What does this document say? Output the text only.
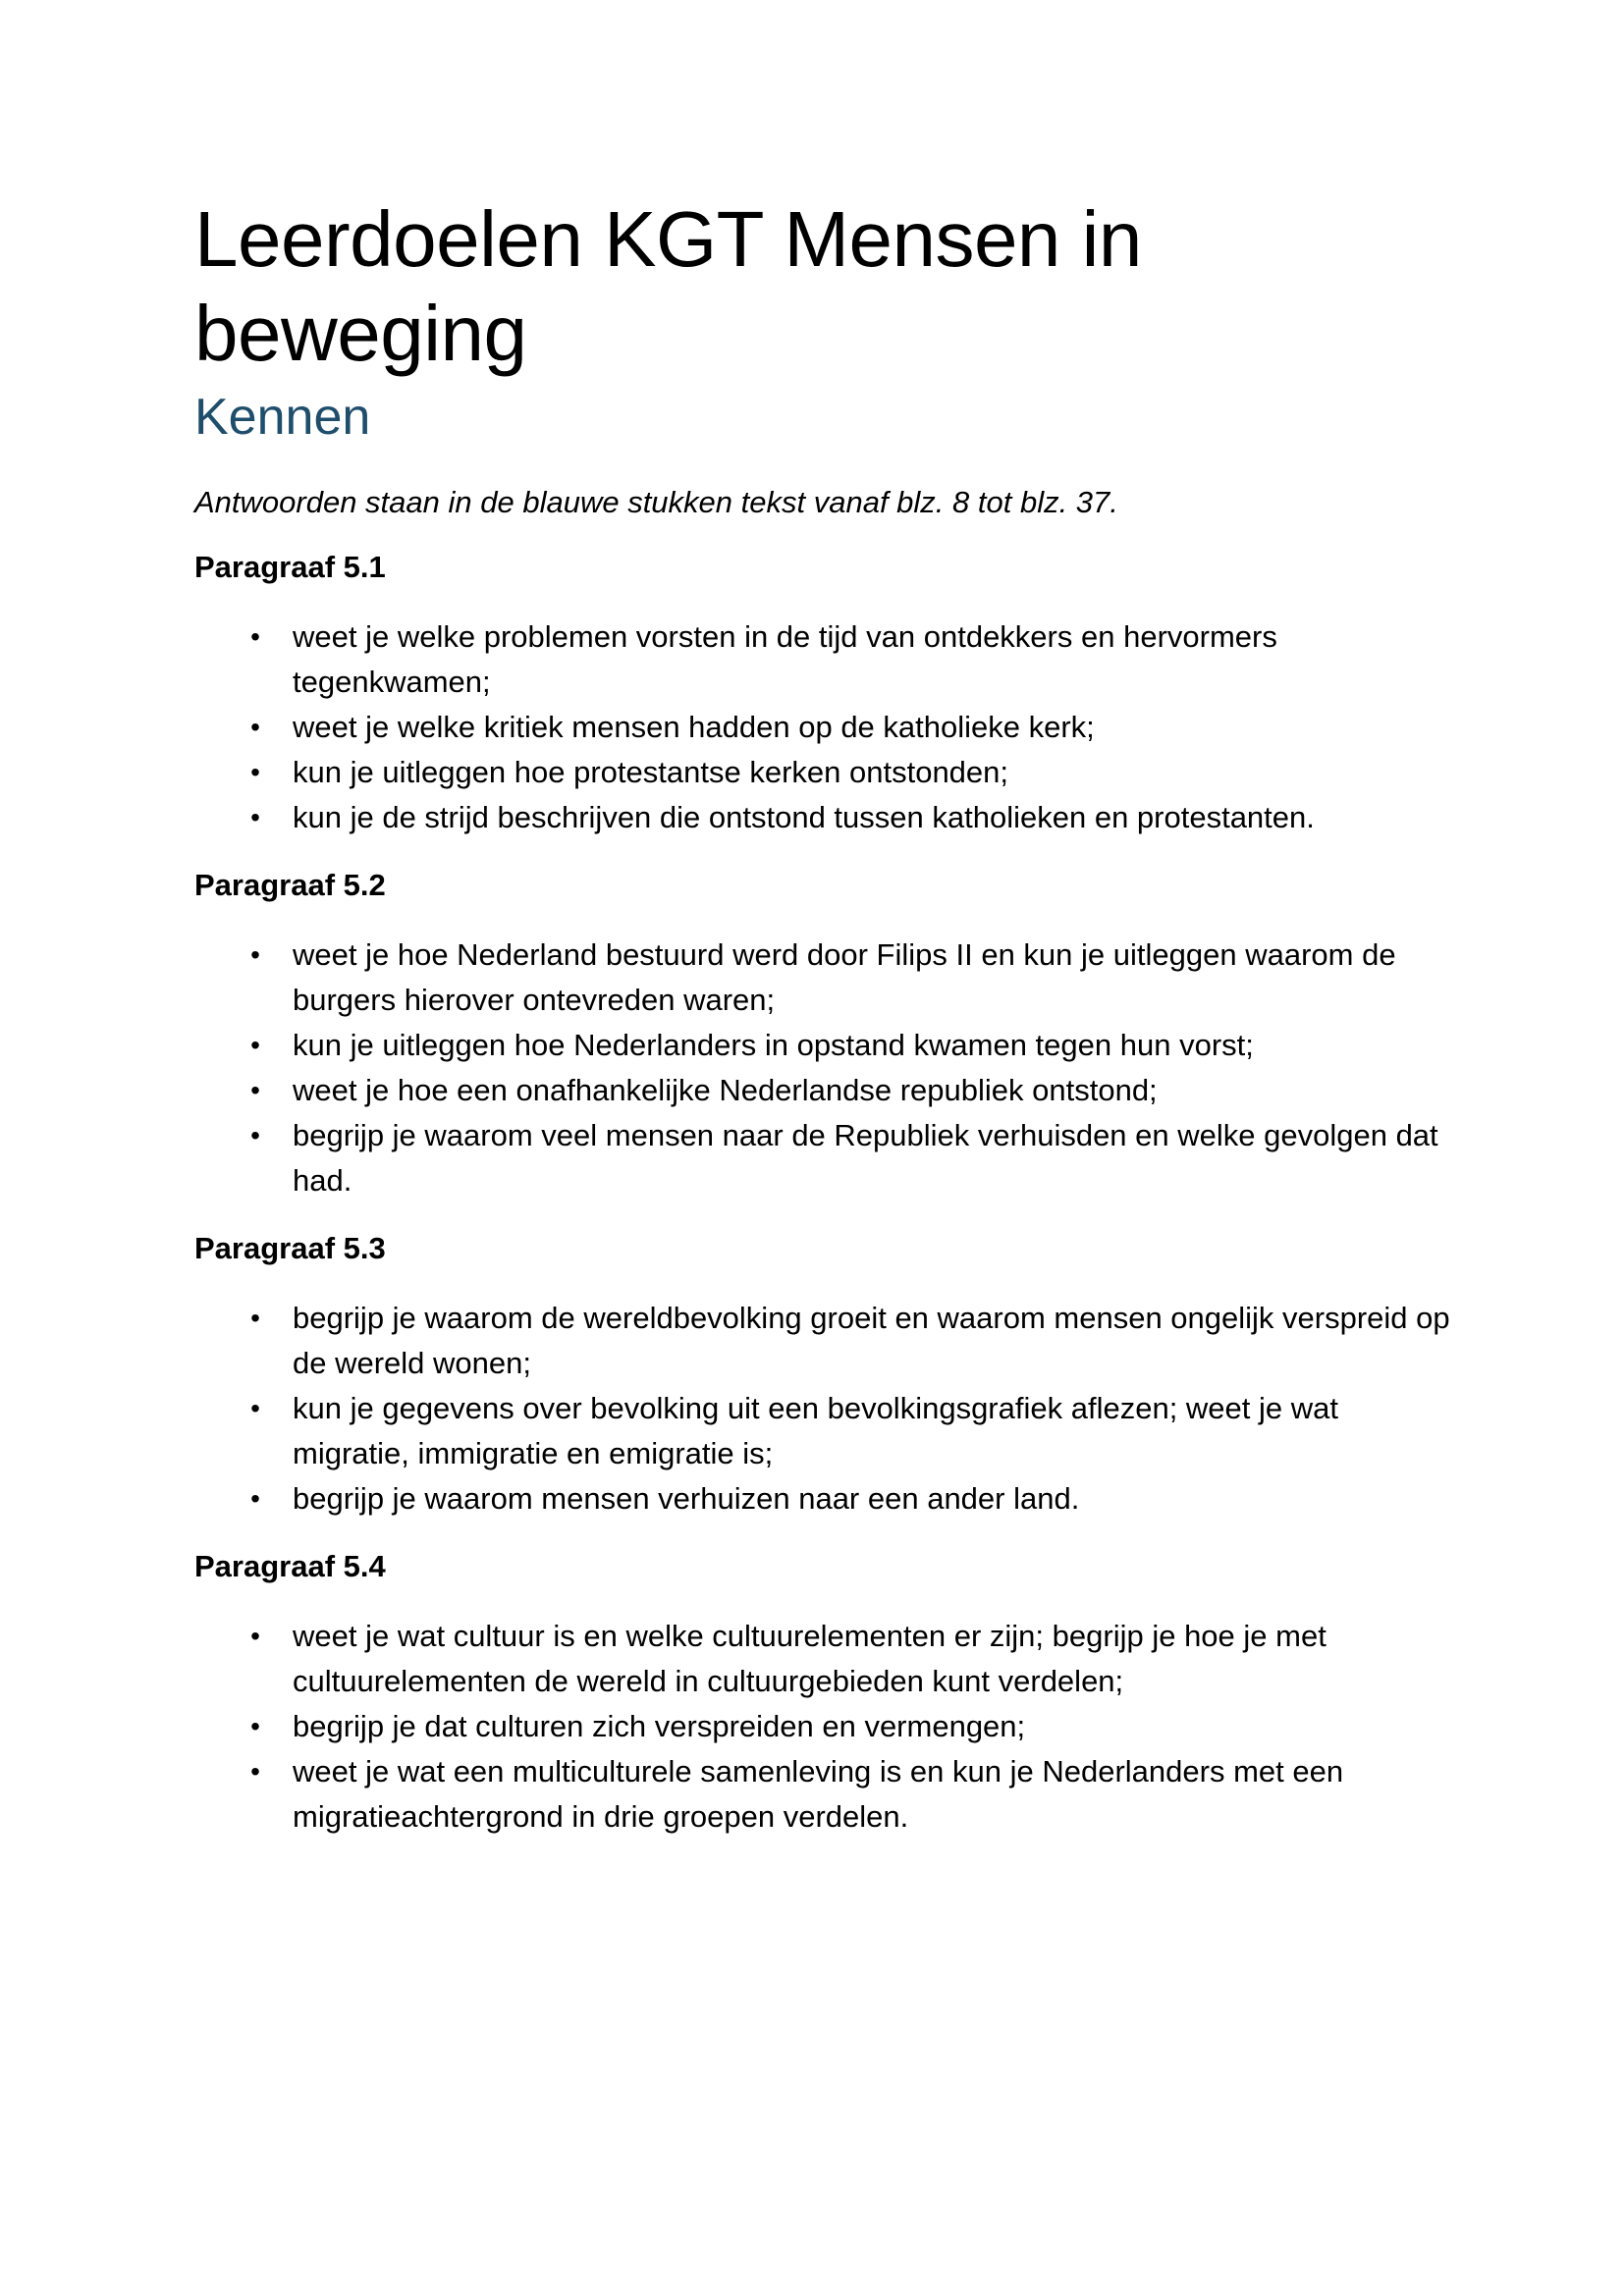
Leerdoelen KGT Mensen in beweging
Kennen

Antwoorden staan in de blauwe stukken tekst vanaf blz. 8 tot blz. 37.

Paragraaf 5.1
• weet je welke problemen vorsten in de tijd van ontdekkers en hervormers tegenkwamen;
• weet je welke kritiek mensen hadden op de katholieke kerk;
• kun je uitleggen hoe protestantse kerken ontstonden;
• kun je de strijd beschrijven die ontstond tussen katholieken en protestanten.
Paragraaf 5.2
• weet je hoe Nederland bestuurd werd door Filips II en kun je uitleggen waarom de burgers hierover ontevreden waren;
• kun je uitleggen hoe Nederlanders in opstand kwamen tegen hun vorst;
• weet je hoe een onafhankelijke Nederlandse republiek ontstond;
• begrijp je waarom veel mensen naar de Republiek verhuisden en welke gevolgen dat had.
Paragraaf 5.3
• begrijp je waarom de wereldbevolking groeit en waarom mensen ongelijk verspreid op de wereld wonen;
• kun je gegevens over bevolking uit een bevolkingsgrafiek aflezen; weet je wat migratie, immigratie en emigratie is;
• begrijp je waarom mensen verhuizen naar een ander land.
Paragraaf 5.4
• weet je wat cultuur is en welke cultuurelementen er zijn; begrijp je hoe je met cultuurelementen de wereld in cultuurgebieden kunt verdelen;
• begrijp je dat culturen zich verspreiden en vermengen;
• weet je wat een multiculturele samenleving is en kun je Nederlanders met een migratieachtergrond in drie groepen verdelen.
